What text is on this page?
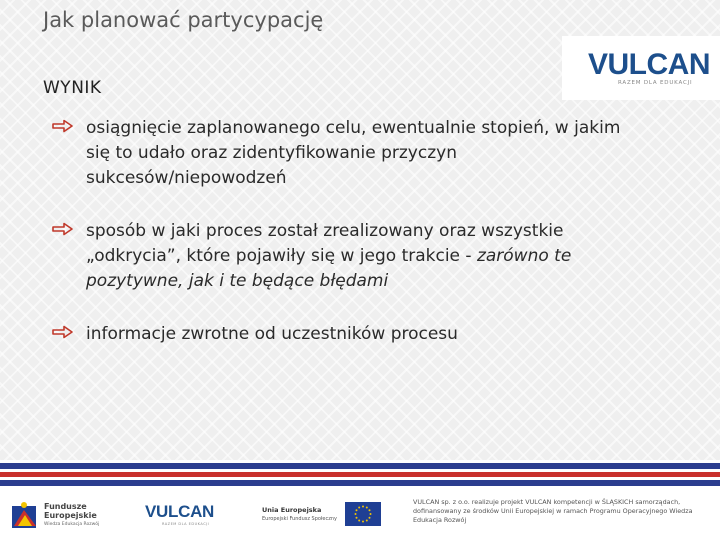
Jak planować partycypację
VULCAN
RAZEM DLA EDUKACJI
WYNIK
osiągnięcie zaplanowanego celu, ewentualnie stopień, w jakim się to udało oraz zidentyfikowanie przyczyn sukcesów/niepowodzeń
sposób w jaki proces został zrealizowany oraz wszystkie „odkrycia”, które pojawiły się w jego trakcie - zarówno te pozytywne, jak i te będące błędami
informacje zwrotne od uczestników procesu
Fundusze
Europejskie
Wiedza Edukacja Rozwój
VULCAN
RAZEM DLA EDUKACJI
Unia Europejska
Europejski Fundusz Społeczny
VULCAN sp. z o.o. realizuje projekt VULCAN kompetencji w ŚLĄSKICH samorządach, dofinansowany ze środków Unii Europejskiej w ramach Programu Operacyjnego Wiedza Edukacja Rozwój
